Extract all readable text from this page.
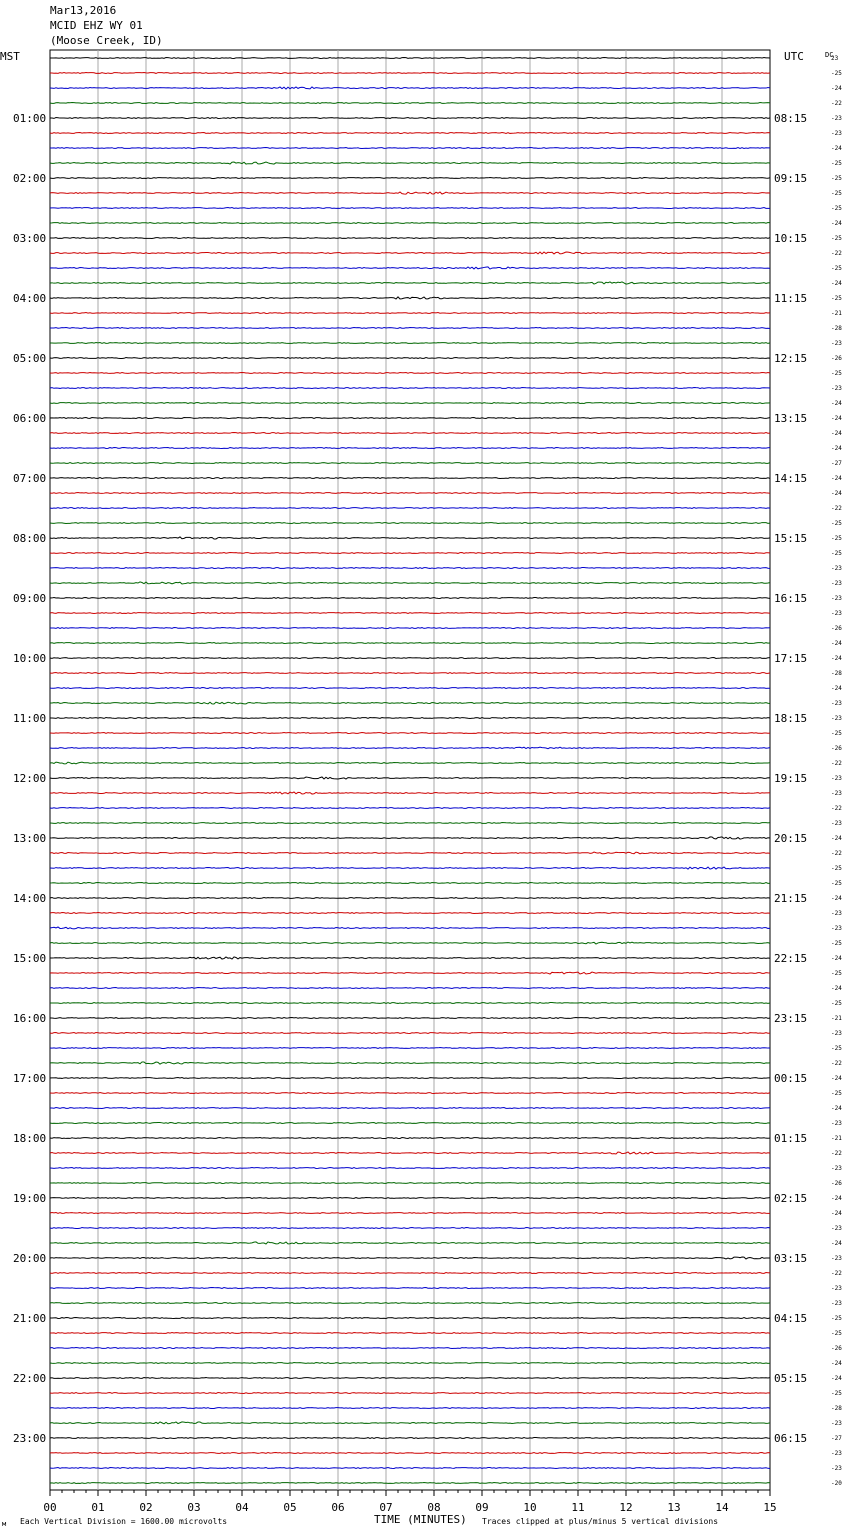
Mar13,2016
MCID EHZ WY 01
(Moose Creek, ID)
MST	UTC	23
-25
-24
-22
-23
-23
-24
-25
-25
-25
-25
-24
-25
-22
-25
-24
-25
-21
-28
-23
-26
-25
-23
-24
-24
-24
-24
-27
-24
-24
-22
-25
-25
-25
-23
-23
-23
-23
-26
-24
-24
-28
-24
-23
-23
-25
-26
-22
-23
-23
-22
-23
-24
-22
-25
-25
-24
-23
-23
-25
-24
-25
-24
-25
-21
-23
-25
-22
-24
-25
-24
-23
-21
-22
-23
-26
-24
-24
-23
-24
-23
-22
-23
-23
-25
-25
-26
-24
-24
-25
-28
-23
-27
-23
-23
-20
01:00	08:15
02:00	09:15
03:00	10:15
04:00	11:15
05:00	12:15
06:00	13:15
07:00	14:15
08:00	15:15
09:00	16:15
10:00	17:15
11:00	18:15
12:00	19:15
13:00	20:15
14:00	21:15
15:00	22:15
16:00	23:15
17:00	00:15
18:00	01:15
19:00	02:15
20:00	03:15
21:00	04:15
22:00	05:15
23:00	06:15
00	01	02	03	04	05	06	07	08	09	10	11	12	13	14	15
DC
TIME (MINUTES)
Each Vertical Division = 1600.00 microvolts	Traces clipped at plus/minus 5 vertical divisions
м
